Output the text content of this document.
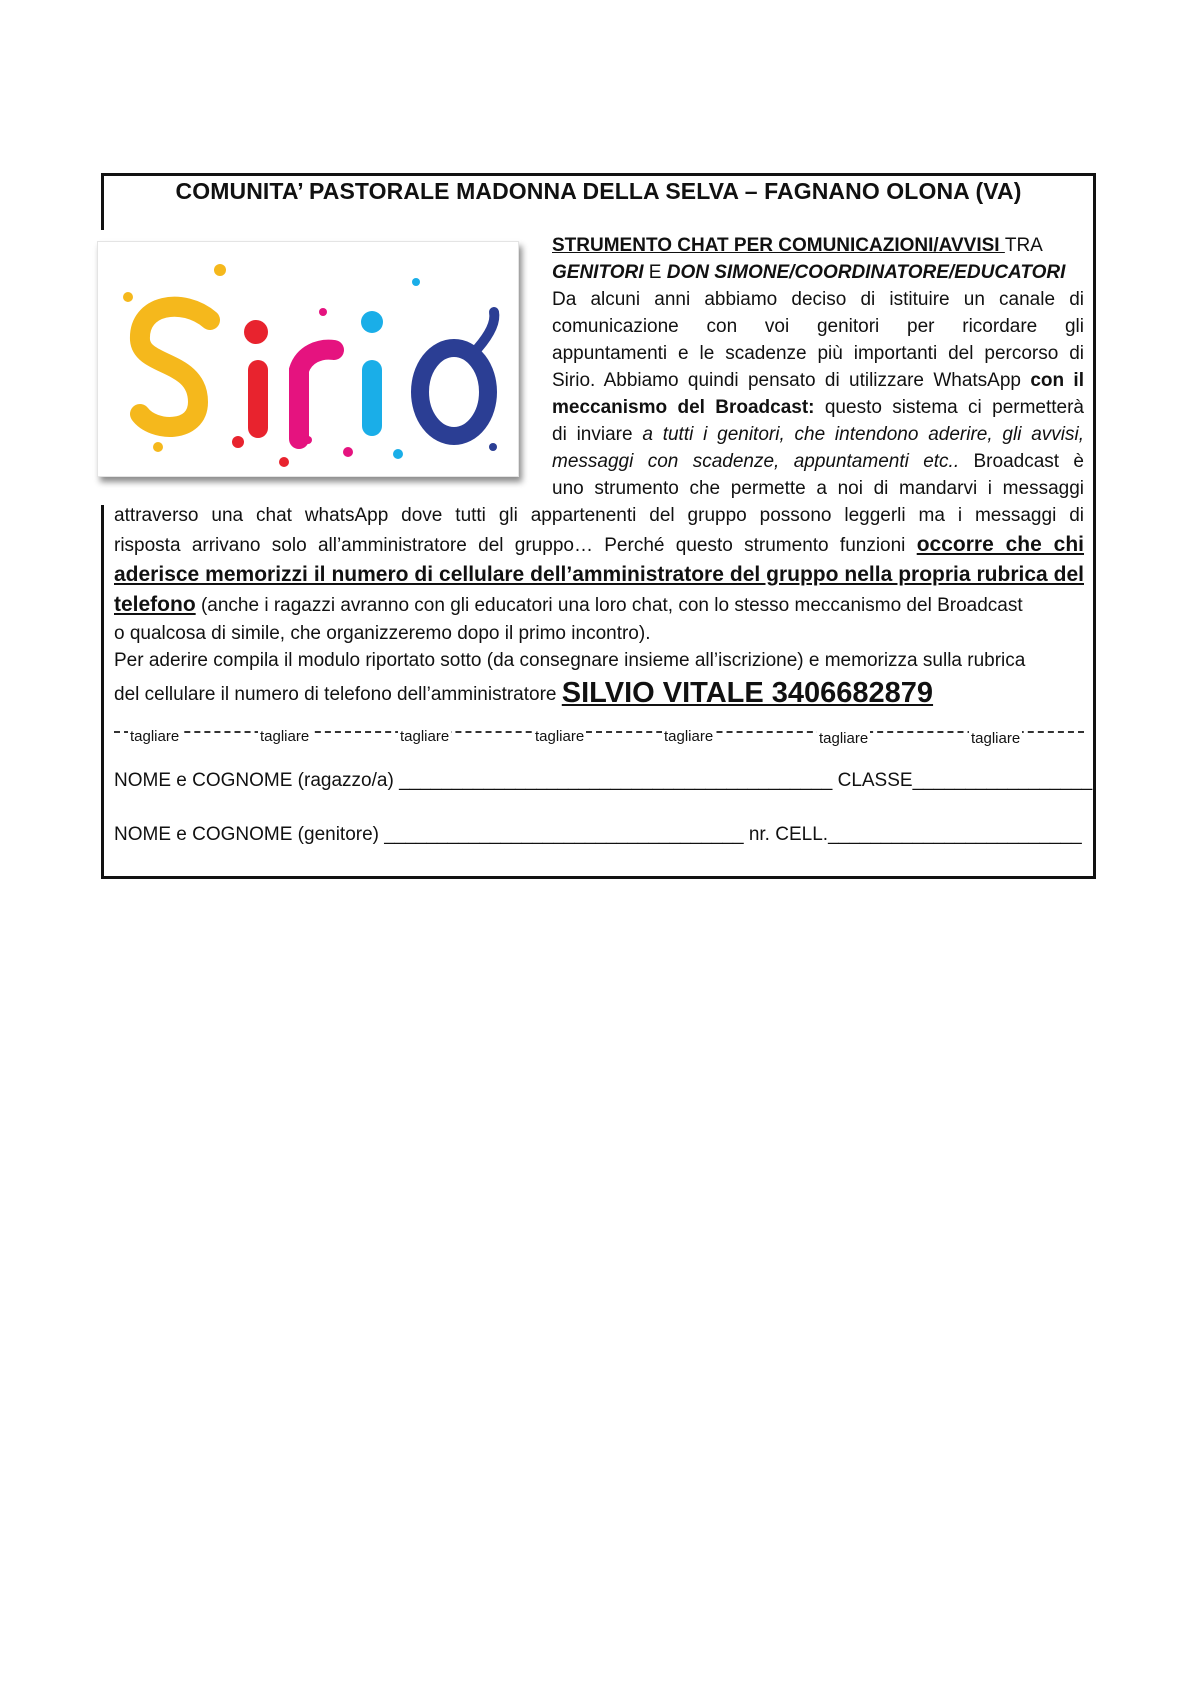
COMUNITA’ PASTORALE MADONNA DELLA SELVA – FAGNANO OLONA (VA)
Sirio	STRUMENTO CHAT PER COMUNICAZIONI/AVVISI TRA
GENITORI E DON SIMONE/COORDINATORE/EDUCATORI
Da alcuni anni abbiamo deciso di istituire un canale di
comunicazione con voi genitori per ricordare gli
appuntamenti e le scadenze più importanti del percorso di
Sirio. Abbiamo quindi pensato di utilizzare WhatsApp con il
meccanismo del Broadcast: questo sistema ci permetterà
di inviare a tutti i genitori, che intendono aderire, gli avvisi,
messaggi con scadenze, appuntamenti etc.. Broadcast è
uno strumento che permette a noi di mandarvi i messaggi
attraverso una chat whatsApp dove tutti gli appartenenti del gruppo possono leggerli ma i messaggi di
risposta arrivano solo all’amministratore del gruppo… Perché questo strumento funzioni occorre che chi
aderisce memorizzi il numero di cellulare dell’amministratore del gruppo nella propria rubrica del
telefono (anche i ragazzi avranno con gli educatori una loro chat, con lo stesso meccanismo del Broadcast
o qualcosa di simile, che organizzeremo dopo il primo incontro).
Per aderire compila il modulo riportato sotto (da consegnare insieme all’iscrizione) e memorizza sulla rubrica
del cellulare il numero di telefono dell’amministratore SILVIO VITALE 3406682879
tagliare	tagliare	tagliare	tagliare	tagliare	tagliare	tagliare
NOME e COGNOME (ragazzo/a) _________________________________________ CLASSE_________________
NOME e COGNOME (genitore) __________________________________ nr. CELL.________________________
